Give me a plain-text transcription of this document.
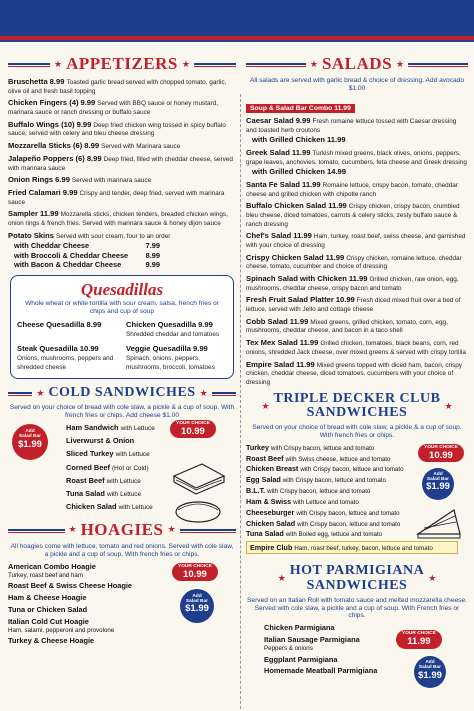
★ APPETIZERS ★
Bruschetta 8.99 Toasted garlic bread served with chopped tomato, garlic, olive oil and fresh basil topping
Chicken Fingers (4) 9.99 Served with BBQ sauce or honey mustard, marinara sauce or ranch dressing or buffalo sauce
Buffalo Wings (10) 9.99 Deep fried chicken wing tossed in spicy buffalo sauce, served with celery and bleu cheese dressing
Mozzarella Sticks (6) 8.99 Served with Marinara sauce
Jalapeño Poppers (6) 8.99 Deep fried, filled with cheddar cheese, served with marinara sauce
Onion Rings 6.99 Served with marinara sauce
Fried Calamari 9.99 Crispy and tender, deep fried, served with marinara sauce
Sampler 11.99 Mozzarella sticks, chicken tenders, breaded chicken wings, onion rings & french fries. Served with marinara sauce & honey dijon sauce
Potato Skins Served with sour cream, four to an order
with Cheddar Cheese	7.99
with Broccoli & Cheddar Cheese 8.99
with Bacon & Cheddar Cheese	9.99
Quesadillas
Whole wheat or white tortilla with sour cream, salsa, french fries or chips and cup of soup
Cheese Quesadilla 8.99	Chicken Quesadilla 9.99
Shredded cheddar and tomatoes
Steak Quesadilla 10.99
Onions, mushrooms, peppers and shredded cheese
Veggie Quesadilla 9.99
Spinach, onions, peppers, mushrooms, broccoli, tomatoes
★ COLD SANDWICHES ★
Served on your choice of bread with cole slaw, a pickle & a cup of soup. With french fries or chips. Add cheese $1.00
Add
Salad Bar
$1.99
YOUR CHOICE
10.99
Ham Sandwich with Lettuce
Liverwurst & Onion
Sliced Turkey with Lettuce
Corned Beef (Hot or Cold)
Roast Beef with Lettuce
Tuna Salad with Lettuce
Chicken Salad with Lettuce
★ HOAGIES ★
All hoagies come with lettuce, tomato and red onions. Served with cole slaw, a pickle and a cup of soup. With french fries or chips.
YOUR CHOICE
10.99
Add
Salad Bar
$1.99
American Combo Hoagie
Turkey, roast beef and ham
Roast Beef & Swiss Cheese Hoagie
Ham & Cheese Hoagie
Tuna or Chicken Salad
Italian Cold Cut Hoagie
Ham, salami, pepperoni and provolone
Turkey & Cheese Hoagie
★ SALADS ★
All salads are served with garlic bread & choice of dressing. Add avocado $1.00
Soup & Salad Bar Combo 11.99
Caesar Salad 9.99 Fresh romaine lettuce tossed with Caesar dressing and toasted herb croutons
with Grilled Chicken 11.99
Greek Salad 11.99 Turkish mixed greens, black olives, onions, peppers, grape leaves, anchovies, tomato, cucumbers, feta cheese and Greek dressing
with Grilled Chicken 14.99
Santa Fe Salad 11.99 Romaine lettuce, crispy bacon, tomato, cheddar cheese and grilled chicken with chipotle ranch
Buffalo Chicken Salad 11.99 Crispy chicken, crispy bacon, crumbled bleu cheese, diced tomatoes, carrots & celery sticks, zesty buffalo sauce & ranch dressing
Chef's Salad 11.99 Ham, turkey, roast beef, swiss cheese, and garnished with your choice of dressing
Crispy Chicken Salad 11.99 Crispy chicken, romaine lettuce, cheddar cheese, tomato, cucumber and choice of dressing
Spinach Salad with Chicken 11.99 Grilled chicken, raw onion, egg, mushrooms, cheddar cheese, crispy bacon and tomato
Fresh Fruit Salad Platter 10.99 Fresh diced mixed fruit over a bed of lettuce, served with Jello and cottage cheese
Cobb Salad 11.99 Mixed greens, grilled chicken, tomato, corn, egg, mushrooms, cheddar cheese, and bacon in a taco shell
Tex Mex Salad 11.99 Grilled chicken, tomatoes, black beans, corn, red onions, shredded Jack cheese, over mixed greens & served with crispy tortilla
Empire Salad 11.99 Mixed greens topped with diced ham, bacon, crispy chicken, cheddar cheese, diced tomatoes, cucumbers with your choice of dressing
★
TRIPLE DECKER CLUB
SANDWICHES	★
Served on your choice of bread with cole slaw, a pickle & a cup of soup. With french fries or chips.
YOUR CHOICE
10.99
Add
Salad Bar
$1.99
Turkey with Crispy bacon, lettuce and tomato
Roast Beef with Swiss cheese, lettuce and tomato
Chicken Breast with Crispy bacon, lettuce and tomato
Egg Salad with Crispy bacon, lettuce and tomato
B.L.T. with Crispy bacon, lettuce and tomato
Ham & Swiss with Lettuce and tomato
Cheeseburger with Crispy bacon, lettuce and tomato
Chicken Salad with Crispy bacon, lettuce and tomato
Tuna Salad with Boiled egg, lettuce and tomato
Empire Club Ham, roast beef, turkey, bacon, lettuce and tomato
★
HOT PARMIGIANA
SANDWICHES	★
Served on an Italian Roll with tomato sauce and melted mozzarella cheese. Served with cole slaw, a pickle and a cup of soup. With French fries or chips.
YOUR CHOICE
11.99
Add
Salad Bar
$1.99
Chicken Parmigiana
Italian Sausage Parmigiana
Peppers & onions
Eggplant Parmigiana
Homemade Meatball Parmigiana
